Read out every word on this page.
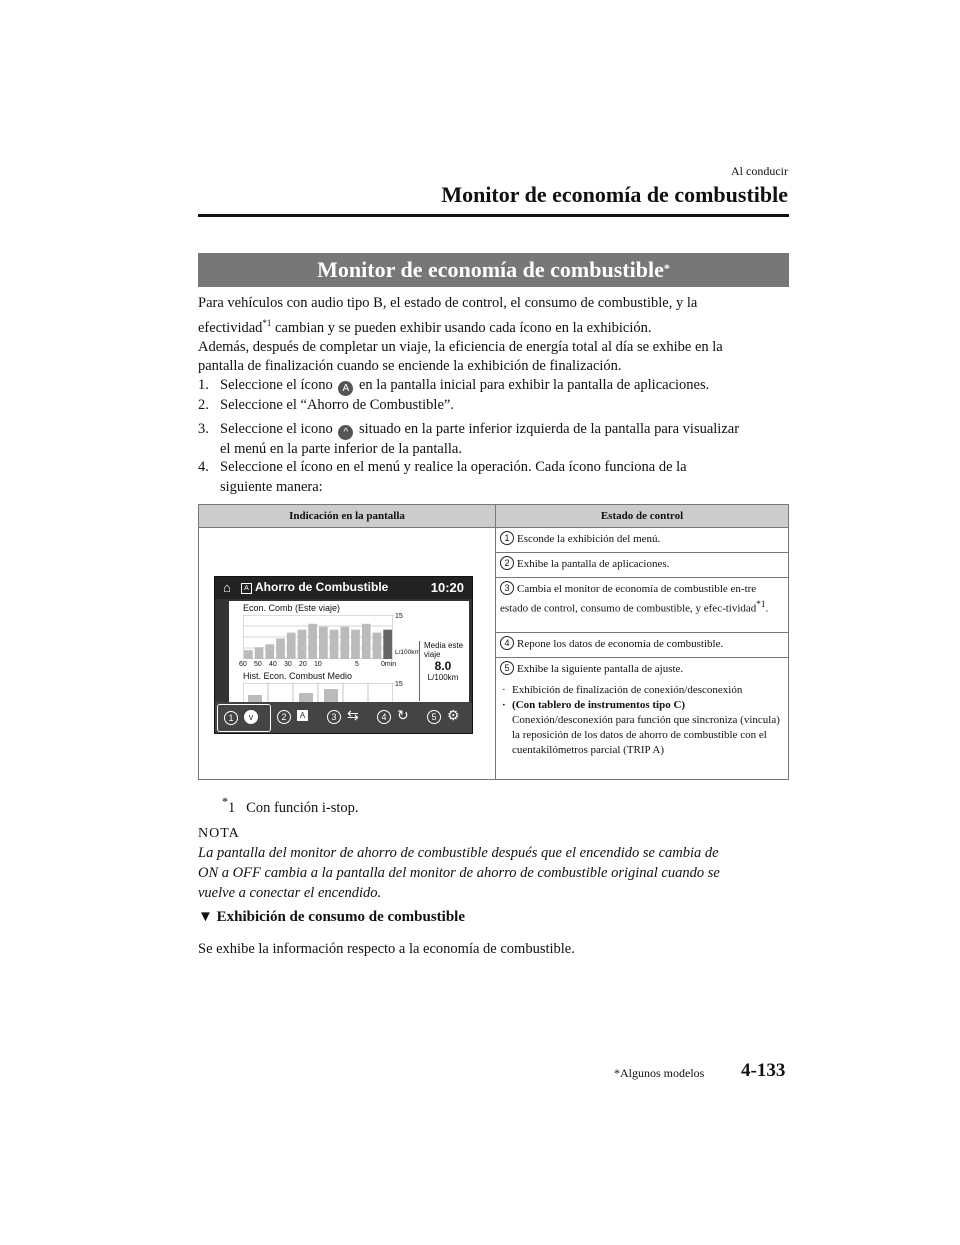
Al conducir
Monitor de economía de combustible
Monitor de economía de combustible*
Para vehículos con audio tipo B, el estado de control, el consumo de combustible, y la
efectividad$^{*1}$ cambian y se pueden exhibir usando cada ícono en la exhibición.
Además, después de completar un viaje, la eficiencia de energía total al día se exhibe en la
pantalla de finalización cuando se enciende la exhibición de finalización.
1. Seleccione el ícono A en la pantalla inicial para exhibir la pantalla de aplicaciones.
2. Seleccione el “Ahorro de Combustible”.
3. Seleccione el icono ^ situado en la parte inferior izquierda de la pantalla para visualizar
el menú en la parte inferior de la pantalla.
4. Seleccione el ícono en el menú y realice la operación. Cada ícono funciona de la
siguiente manera:
Indicación en la pantalla	Estado de control
	1 Esconde la exhibición del menú.
	2 Exhibe la pantalla de aplicaciones.
	3 Cambia el monitor de economía de combustible en-tre estado de control, consumo de combustible, y efec-tividad$^{*1}$.
	4 Repone los datos de economía de combustible.
	5 Exhibe la siguiente pantalla de ajuste.
· Exhibición de finalización de conexión/desconexión
· (Con tablero de instrumentos tipo C)
Conexión/desconexión para función que sincroniza (vincula) la reposición de los datos de ahorro de combustible con el cuentakilómetros parcial (TRIP A)
⌂	A Ahorro de Combustible	10:20
Econ. Comb (Este viaje)
15
60 50 40 30 20 10	5	0min
L/100km
Media este
viaje
8.0
L/100km
Hist. Econ. Combust Medio
15
1	v	2	A	3 ⇆	4 ↻	5 ⚙
*1 Con función i-stop.
NOTA
La pantalla del monitor de ahorro de combustible después que el encendido se cambia de
ON a OFF cambia a la pantalla del monitor de ahorro de combustible original cuando se
vuelve a conectar el encendido.
▼ Exhibición de consumo de combustible
Se exhibe la información respecto a la economía de combustible.
*Algunos modelos 4-133
